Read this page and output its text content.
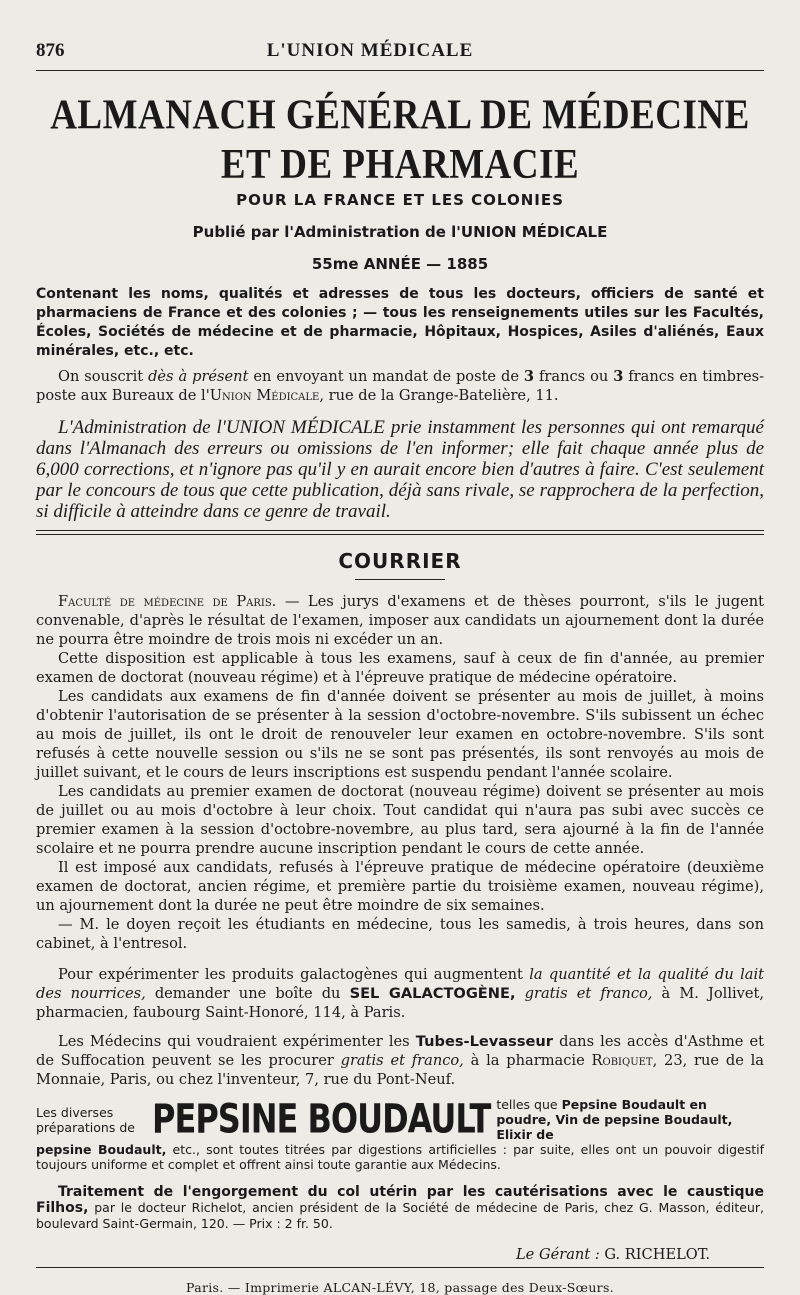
876	L'UNION MÉDICALE
ALMANACH GÉNÉRAL DE MÉDECINE ET DE PHARMACIE
POUR LA FRANCE ET LES COLONIES
Publié par l'Administration de l'UNION MÉDICALE
55me ANNÉE — 1885

Contenant les noms, qualités et adresses de tous les docteurs, officiers de santé et pharmaciens de France et des colonies ; — tous les renseignements utiles sur les Facultés, Écoles, Sociétés de médecine et de pharmacie, Hôpitaux, Hospices, Asiles d'aliénés, Eaux minérales, etc., etc.

On souscrit dès à présent en envoyant un mandat de poste de 3 francs ou 3 francs en timbres-poste aux Bureaux de l'Union Médicale, rue de la Grange-Batelière, 11.

L'Administration de l'UNION MÉDICALE prie instamment les personnes qui ont remarqué dans l'Almanach des erreurs ou omissions de l'en informer; elle fait chaque année plus de 6,000 corrections, et n'ignore pas qu'il y en aurait encore bien d'autres à faire. C'est seulement par le concours de tous que cette publication, déjà sans rivale, se rapprochera de la perfection, si difficile à atteindre dans ce genre de travail.
COURRIER

Faculté de médecine de Paris. — Les jurys d'examens et de thèses pourront, s'ils le jugent convenable, d'après le résultat de l'examen, imposer aux candidats un ajournement dont la durée ne pourra être moindre de trois mois ni excéder un an.

Cette disposition est applicable à tous les examens, sauf à ceux de fin d'année, au premier examen de doctorat (nouveau régime) et à l'épreuve pratique de médecine opératoire.

Les candidats aux examens de fin d'année doivent se présenter au mois de juillet, à moins d'obtenir l'autorisation de se présenter à la session d'octobre-novembre. S'ils subissent un échec au mois de juillet, ils ont le droit de renouveler leur examen en octobre-novembre. S'ils sont refusés à cette nouvelle session ou s'ils ne se sont pas présentés, ils sont renvoyés au mois de juillet suivant, et le cours de leurs inscriptions est suspendu pendant l'année scolaire.

Les candidats au premier examen de doctorat (nouveau régime) doivent se présenter au mois de juillet ou au mois d'octobre à leur choix. Tout candidat qui n'aura pas subi avec succès ce premier examen à la session d'octobre-novembre, au plus tard, sera ajourné à la fin de l'année scolaire et ne pourra prendre aucune inscription pendant le cours de cette année.

Il est imposé aux candidats, refusés à l'épreuve pratique de médecine opératoire (deuxième examen de doctorat, ancien régime, et première partie du troisième examen, nouveau régime), un ajournement dont la durée ne peut être moindre de six semaines.

— M. le doyen reçoit les étudiants en médecine, tous les samedis, à trois heures, dans son cabinet, à l'entresol.

Pour expérimenter les produits galactogènes qui augmentent la quantité et la qualité du lait des nourrices, demander une boîte du SEL GALACTOGÈNE, gratis et franco, à M. Jollivet, pharmacien, faubourg Saint-Honoré, 114, à Paris.

Les Médecins qui voudraient expérimenter les Tubes-Levasseur dans les accès d'Asthme et de Suffocation peuvent se les procurer gratis et franco, à la pharmacie Robiquet, 23, rue de la Monnaie, Paris, ou chez l'inventeur, 7, rue du Pont-Neuf.

Les diverses préparations de PEPSINE BOUDAULT telles que Pepsine Boudault en poudre, Vin de pepsine Boudault, Elixir de
pepsine Boudault, etc., sont toutes titrées par digestions artificielles : par suite, elles ont un pouvoir digestif toujours uniforme et complet et offrent ainsi toute garantie aux Médecins.
Traitement de l'engorgement du col utérin par les cautérisations avec le caustique Filhos, par le docteur Richelot, ancien président de la Société de médecine de Paris, chez G. Masson, éditeur, boulevard Saint-Germain, 120. — Prix : 2 fr. 50.
Le Gérant : G. RICHELOT.
Paris. — Imprimerie ALCAN-LÉVY, 18, passage des Deux-Sœurs.
